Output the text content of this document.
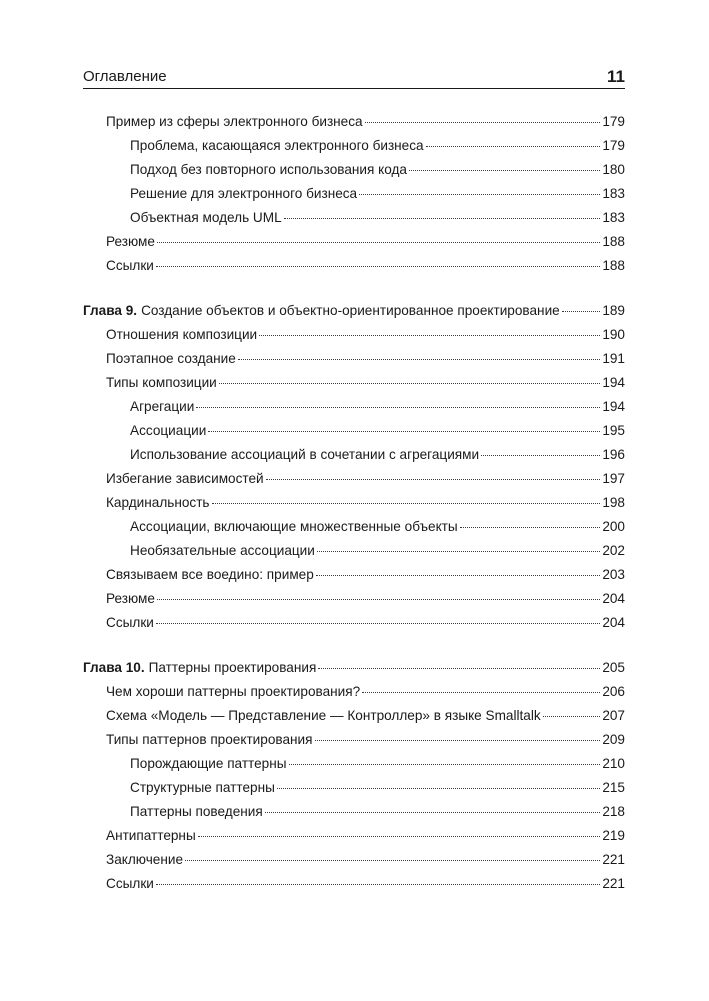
Оглавление	11
Пример из сферы электронного бизнеса	179
Проблема, касающаяся электронного бизнеса	179
Подход без повторного использования кода	180
Решение для электронного бизнеса	183
Объектная модель UML	183
Резюме	188
Ссылки	188
Глава 9. Создание объектов и объектно-ориентированное проектирование	189
Отношения композиции	190
Поэтапное создание	191
Типы композиции	194
Агрегации	194
Ассоциации	195
Использование ассоциаций в сочетании с агрегациями	196
Избегание зависимостей	197
Кардинальность	198
Ассоциации, включающие множественные объекты	200
Необязательные ассоциации	202
Связываем все воедино: пример	203
Резюме	204
Ссылки	204
Глава 10. Паттерны проектирования	205
Чем хороши паттерны проектирования?	206
Схема «Модель — Представление — Контроллер» в языке Smalltalk	207
Типы паттернов проектирования	209
Порождающие паттерны	210
Структурные паттерны	215
Паттерны поведения	218
Антипаттерны	219
Заключение	221
Ссылки	221
